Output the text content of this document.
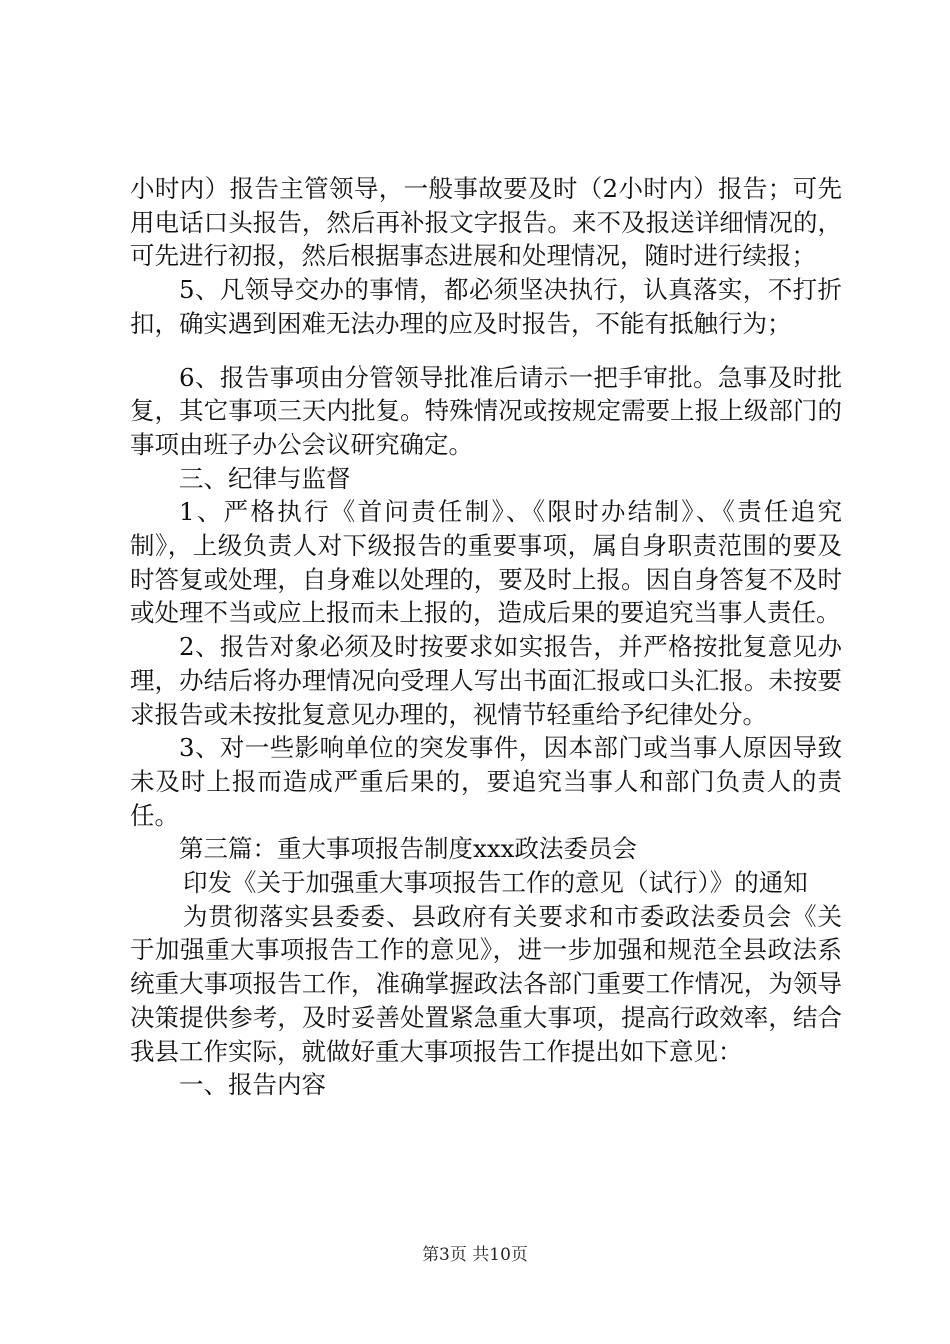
小时内）报告主管领导，一般事故要及时（2小时内）报告；可先用电话口头报告，然后再补报文字报告。来不及报送详细情况的，可先进行初报，然后根据事态进展和处理情况，随时进行续报；

5、凡领导交办的事情，都必须坚决执行，认真落实，不打折扣，确实遇到困难无法办理的应及时报告，不能有抵触行为；

6、报告事项由分管领导批准后请示一把手审批。急事及时批复，其它事项三天内批复。特殊情况或按规定需要上报上级部门的事项由班子办公会议研究确定。

三、纪律与监督

1、严格执行《首问责任制》、《限时办结制》、《责任追究制》，上级负责人对下级报告的重要事项，属自身职责范围的要及时答复或处理，自身难以处理的，要及时上报。因自身答复不及时或处理不当或应上报而未上报的，造成后果的要追究当事人责任。

2、报告对象必须及时按要求如实报告，并严格按批复意见办理，办结后将办理情况向受理人写出书面汇报或口头汇报。未按要求报告或未按批复意见办理的，视情节轻重给予纪律处分。

3、对一些影响单位的突发事件，因本部门或当事人原因导致未及时上报而造成严重后果的，要追究当事人和部门负责人的责任。

第三篇：重大事项报告制度xxx政法委员会

印发《关于加强重大事项报告工作的意见（试行）》的通知

为贯彻落实县委委、县政府有关要求和市委政法委员会《关于加强重大事项报告工作的意见》，进一步加强和规范全县政法系统重大事项报告工作，准确掌握政法各部门重要工作情况，为领导决策提供参考，及时妥善处置紧急重大事项，提高行政效率，结合我县工作实际，就做好重大事项报告工作提出如下意见：

一、报告内容

第3页 共10页
